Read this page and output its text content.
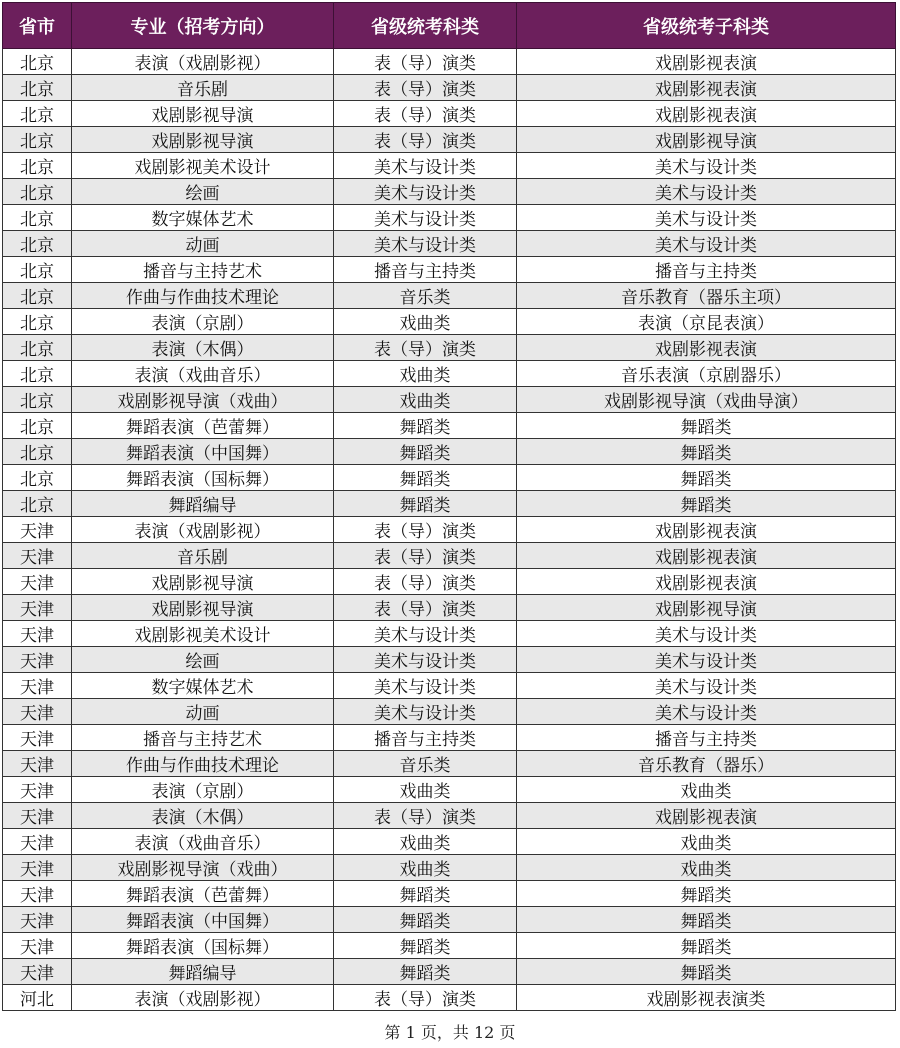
省市	专业（招考方向）	省级统考科类	省级统考子科类
北京	表演（戏剧影视）	表（导）演类	戏剧影视表演
北京	音乐剧	表（导）演类	戏剧影视表演
北京	戏剧影视导演	表（导）演类	戏剧影视表演
北京	戏剧影视导演	表（导）演类	戏剧影视导演
北京	戏剧影视美术设计	美术与设计类	美术与设计类
北京	绘画	美术与设计类	美术与设计类
北京	数字媒体艺术	美术与设计类	美术与设计类
北京	动画	美术与设计类	美术与设计类
北京	播音与主持艺术	播音与主持类	播音与主持类
北京	作曲与作曲技术理论	音乐类	音乐教育（器乐主项）
北京	表演（京剧）	戏曲类	表演（京昆表演）
北京	表演（木偶）	表（导）演类	戏剧影视表演
北京	表演（戏曲音乐）	戏曲类	音乐表演（京剧器乐）
北京	戏剧影视导演（戏曲）	戏曲类	戏剧影视导演（戏曲导演）
北京	舞蹈表演（芭蕾舞）	舞蹈类	舞蹈类
北京	舞蹈表演（中国舞）	舞蹈类	舞蹈类
北京	舞蹈表演（国标舞）	舞蹈类	舞蹈类
北京	舞蹈编导	舞蹈类	舞蹈类
天津	表演（戏剧影视）	表（导）演类	戏剧影视表演
天津	音乐剧	表（导）演类	戏剧影视表演
天津	戏剧影视导演	表（导）演类	戏剧影视表演
天津	戏剧影视导演	表（导）演类	戏剧影视导演
天津	戏剧影视美术设计	美术与设计类	美术与设计类
天津	绘画	美术与设计类	美术与设计类
天津	数字媒体艺术	美术与设计类	美术与设计类
天津	动画	美术与设计类	美术与设计类
天津	播音与主持艺术	播音与主持类	播音与主持类
天津	作曲与作曲技术理论	音乐类	音乐教育（器乐）
天津	表演（京剧）	戏曲类	戏曲类
天津	表演（木偶）	表（导）演类	戏剧影视表演
天津	表演（戏曲音乐）	戏曲类	戏曲类
天津	戏剧影视导演（戏曲）	戏曲类	戏曲类
天津	舞蹈表演（芭蕾舞）	舞蹈类	舞蹈类
天津	舞蹈表演（中国舞）	舞蹈类	舞蹈类
天津	舞蹈表演（国标舞）	舞蹈类	舞蹈类
天津	舞蹈编导	舞蹈类	舞蹈类
河北	表演（戏剧影视）	表（导）演类	戏剧影视表演类
第 1 页，共 12 页
